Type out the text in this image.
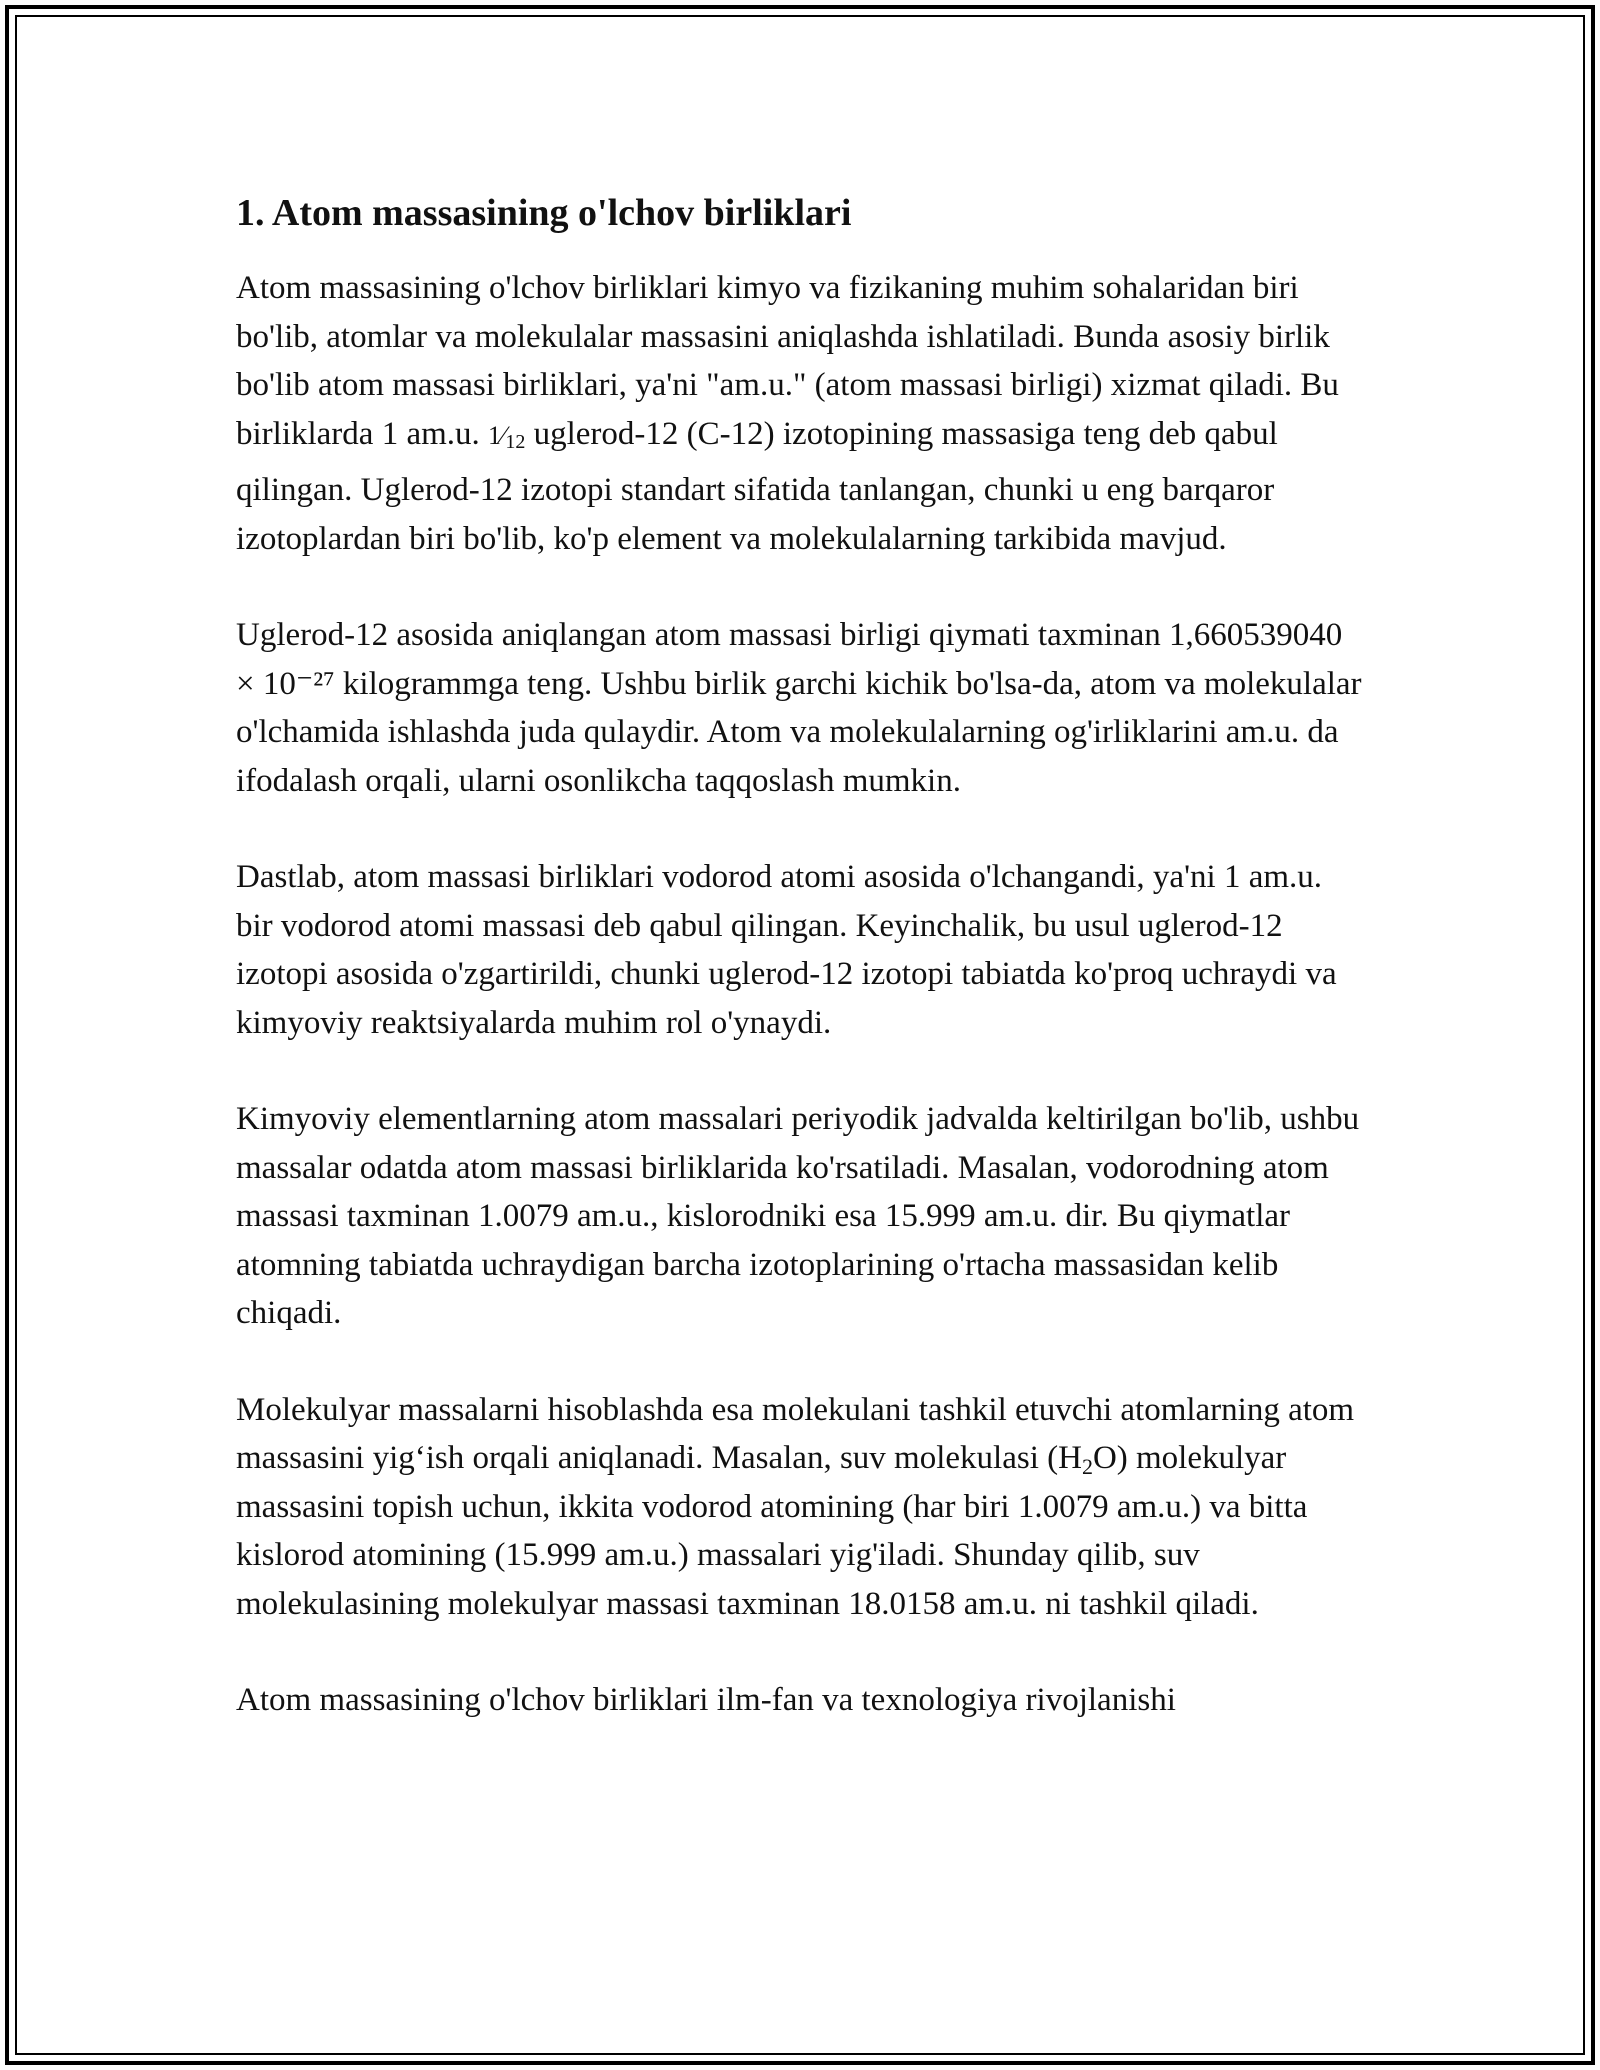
1. Atom massasining o'lchov birliklari

Atom massasining o'lchov birliklari kimyo va fizikaning muhim sohalaridan biri bo'lib, atomlar va molekulalar massasini aniqlashda ishlatiladi. Bunda asosiy birlik bo'lib atom massasi birliklari, ya'ni "am.u." (atom massasi birligi) xizmat qiladi. Bu birliklarda 1 am.u. $1⁄_{12}$ uglerod-12 (C-12) izotopining massasiga teng deb qabul qilingan. Uglerod-12 izotopi standart sifatida tanlangan, chunki u eng barqaror izotoplardan biri bo'lib, ko'p element va molekulalarning tarkibida mavjud.

Uglerod-12 asosida aniqlangan atom massasi birligi qiymati taxminan 1,660539040 × 10⁻²⁷ kilogrammga teng. Ushbu birlik garchi kichik bo'lsa-da, atom va molekulalar o'lchamida ishlashda juda qulaydir. Atom va molekulalarning og'irliklarini am.u. da ifodalash orqali, ularni osonlikcha taqqoslash mumkin.

Dastlab, atom massasi birliklari vodorod atomi asosida o'lchangandi, ya'ni 1 am.u. bir vodorod atomi massasi deb qabul qilingan. Keyinchalik, bu usul uglerod-12 izotopi asosida o'zgartirildi, chunki uglerod-12 izotopi tabiatda ko'proq uchraydi va kimyoviy reaktsiyalarda muhim rol o'ynaydi.

Kimyoviy elementlarning atom massalari periyodik jadvalda keltirilgan bo'lib, ushbu massalar odatda atom massasi birliklarida ko'rsatiladi. Masalan, vodorodning atom massasi taxminan 1.0079 am.u., kislorodniki esa 15.999 am.u. dir. Bu qiymatlar atomning tabiatda uchraydigan barcha izotoplarining o'rtacha massasidan kelib chiqadi.

Molekulyar massalarni hisoblashda esa molekulani tashkil etuvchi atomlarning atom massasini yig‘ish orqali aniqlanadi. Masalan, suv molekulasi $(H_2O)$ molekulyar massasini topish uchun, ikkita vodorod atomining (har biri 1.0079 am.u.) va bitta kislorod atomining (15.999 am.u.) massalari yig'iladi. Shunday qilib, suv molekulasining molekulyar massasi taxminan 18.0158 am.u. ni tashkil qiladi.

Atom massasining o'lchov birliklari ilm-fan va texnologiya rivojlanishi
